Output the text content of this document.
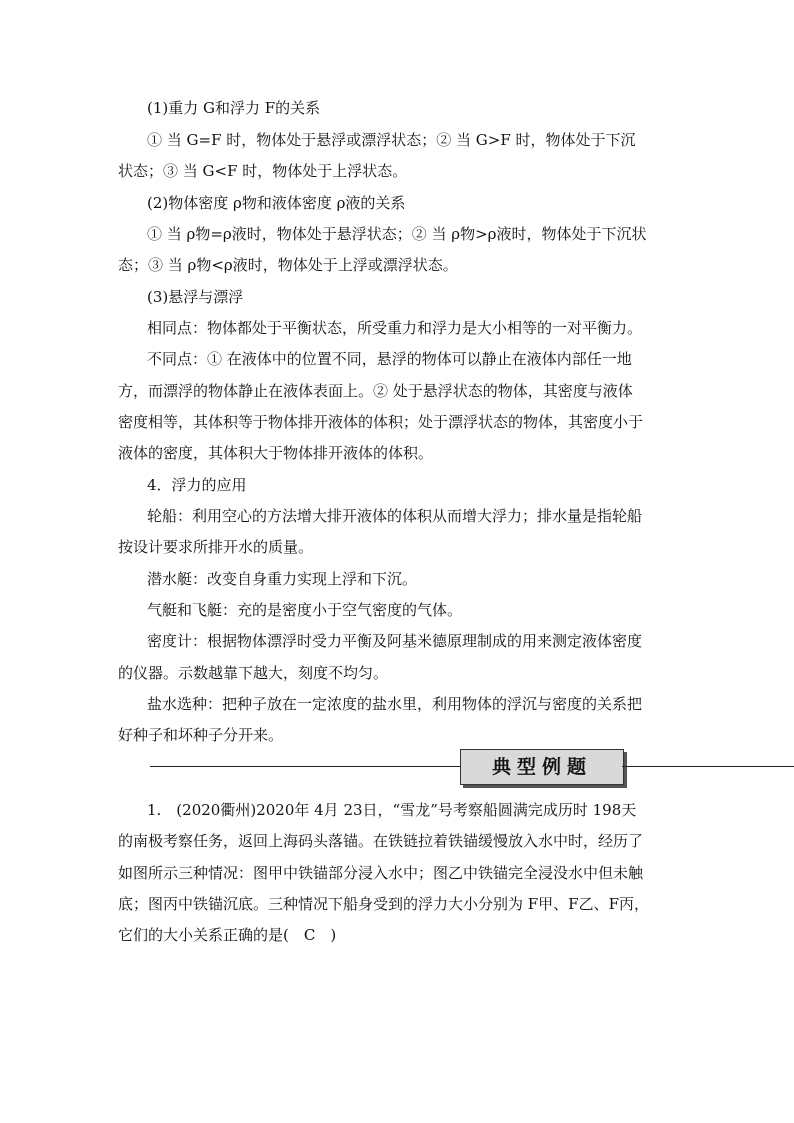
(1)重力 G和浮力 F的关系
① 当 G=F 时，物体处于悬浮或漂浮状态；② 当 G>F 时，物体处于下沉
状态；③ 当 G<F 时，物体处于上浮状态。
(2)物体密度 ρ物和液体密度 ρ液的关系
① 当 ρ物=ρ液时，物体处于悬浮状态；② 当 ρ物>ρ液时，物体处于下沉状
态；③ 当 ρ物<ρ液时，物体处于上浮或漂浮状态。
(3)悬浮与漂浮
相同点：物体都处于平衡状态，所受重力和浮力是大小相等的一对平衡力。
不同点：① 在液体中的位置不同，悬浮的物体可以静止在液体内部任一地
方，而漂浮的物体静止在液体表面上。② 处于悬浮状态的物体，其密度与液体
密度相等，其体积等于物体排开液体的体积；处于漂浮状态的物体，其密度小于
液体的密度，其体积大于物体排开液体的体积。
4．浮力的应用
轮船：利用空心的方法增大排开液体的体积从而增大浮力；排水量是指轮船
按设计要求所排开水的质量。
潜水艇：改变自身重力实现上浮和下沉。
气艇和飞艇：充的是密度小于空气密度的气体。
密度计：根据物体漂浮时受力平衡及阿基米德原理制成的用来测定液体密度
的仪器。示数越靠下越大，刻度不均匀。
盐水选种：把种子放在一定浓度的盐水里，利用物体的浮沉与密度的关系把
好种子和坏种子分开来。
典型例题
1.　(2020衢州)2020年 4月 23日，“雪龙”号考察船圆满完成历时 198天
的南极考察任务，返回上海码头落锚。在铁链拉着铁锚缓慢放入水中时，经历了
如图所示三种情况：图甲中铁锚部分浸入水中；图乙中铁锚完全浸没水中但未触
底；图丙中铁锚沉底。三种情况下船身受到的浮力大小分别为 F甲、F乙、F丙，
它们的大小关系正确的是(　C　)
